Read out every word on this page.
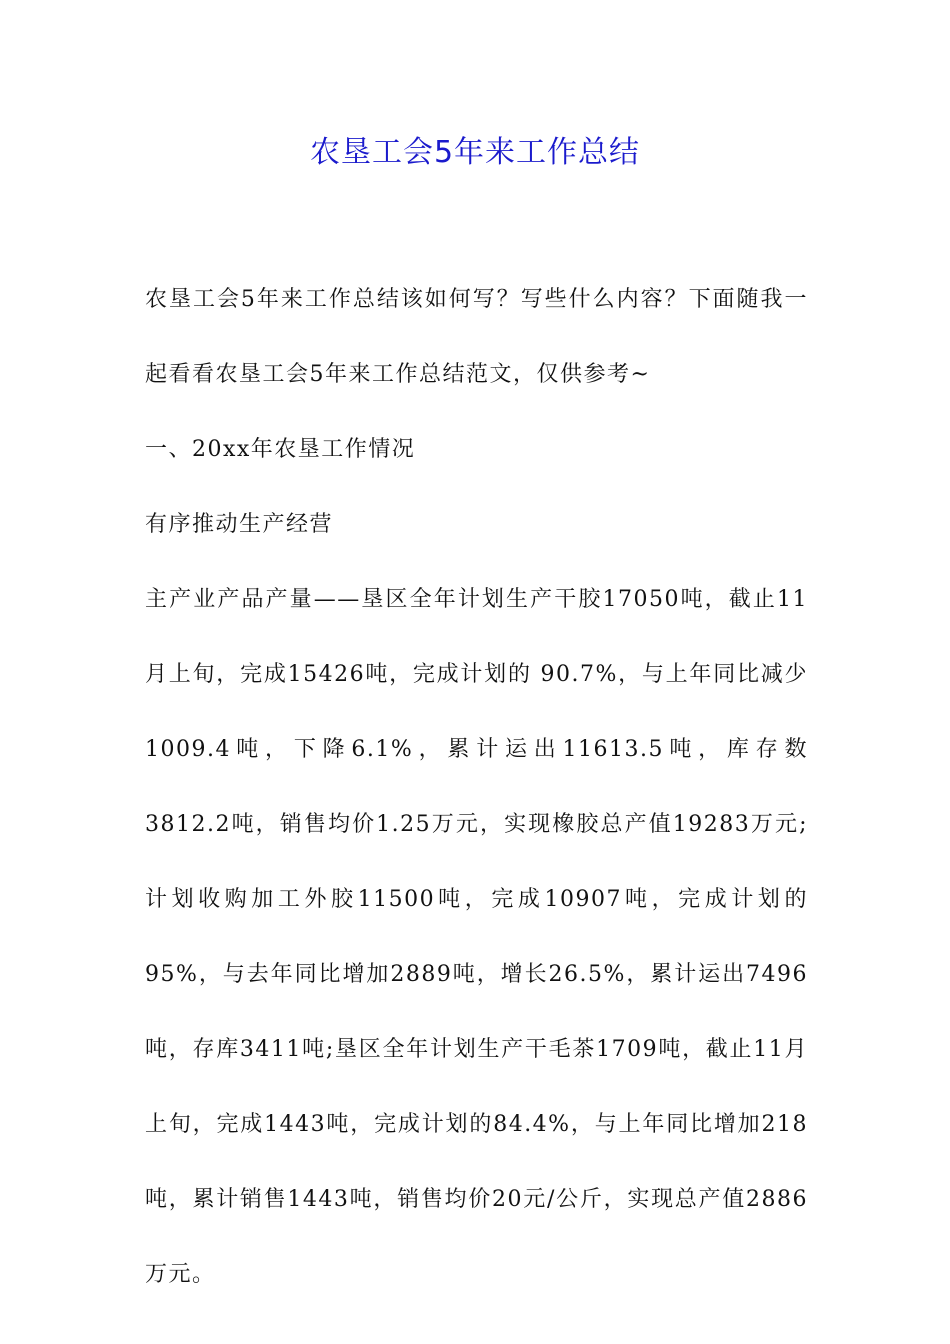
农垦工会5年来工作总结

农垦工会5年来工作总结该如何写？写些什么内容？下面随我一起看看农垦工会5年来工作总结范文，仅供参考~

一、20xx年农垦工作情况

有序推动生产经营

主产业产品产量——垦区全年计划生产干胶17050吨，截止11月上旬，完成15426吨，完成计划的 90.7%，与上年同比减少1009.4吨，下降6.1%，累计运出11613.5吨，库存数3812.2吨，销售均价1.25万元，实现橡胶总产值19283万元;计划收购加工外胶11500吨，完成10907吨，完成计划的95%，与去年同比增加2889吨，增长26.5%，累计运出7496吨，存库3411吨;垦区全年计划生产干毛茶1709吨，截止11月上旬，完成1443吨，完成计划的84.4%，与上年同比增加218吨，累计销售1443吨，销售均价20元/公斤，实现总产值2886万元。
